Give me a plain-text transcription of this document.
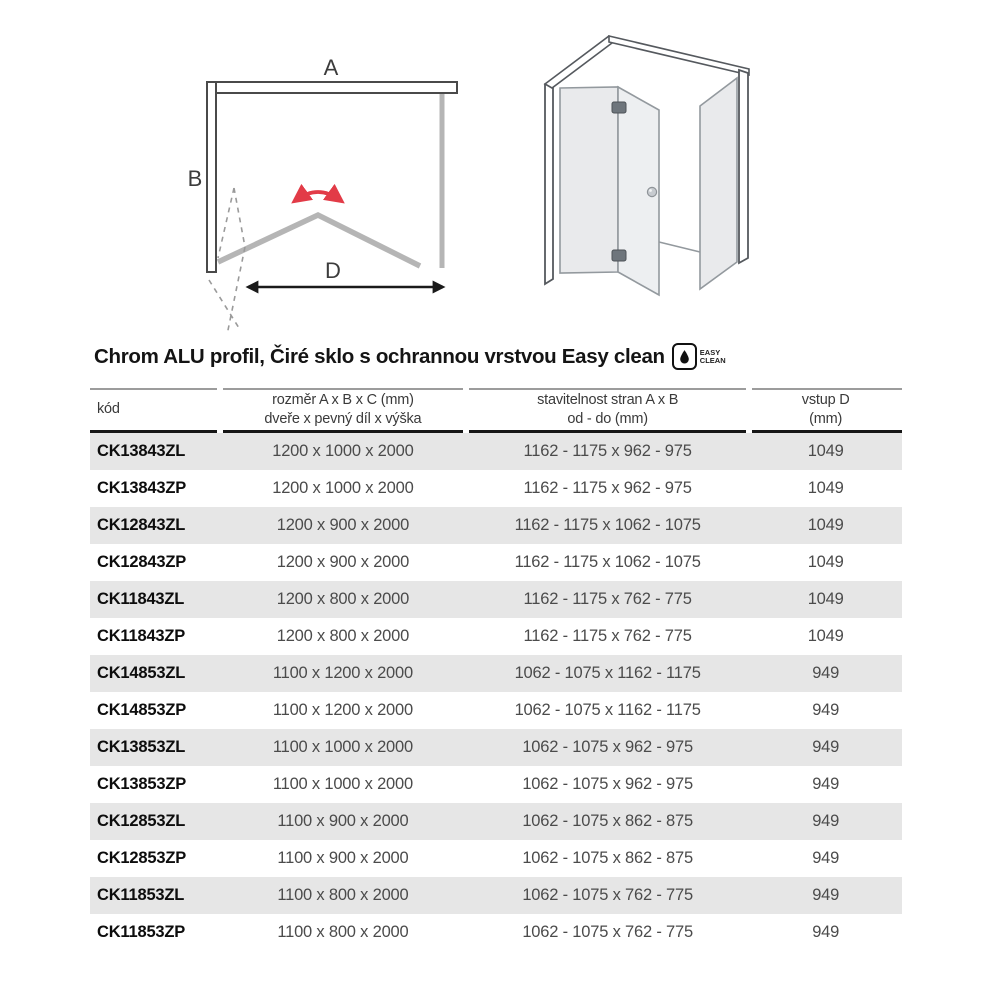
A
B
D
Chrom ALU profil, Čiré sklo s ochrannou vrstvou Easy clean	EASY
CLEAN
kód	
rozměr A x B x C (mm)
dveře x pevný díl x výška

stavitelnost stran A x B
od - do (mm)

vstup D
(mm)

CK13843ZL	1200 x 1000 x 2000	1162 - 1175 x 962 - 975	1049
CK13843ZP	1200 x 1000 x 2000	1162 - 1175 x 962 - 975	1049
CK12843ZL	1200 x 900 x 2000	1162 - 1175 x 1062 - 1075	1049
CK12843ZP	1200 x 900 x 2000	1162 - 1175 x 1062 - 1075	1049
CK11843ZL	1200 x 800 x 2000	1162 - 1175 x 762 - 775	1049
CK11843ZP	1200 x 800 x 2000	1162 - 1175 x 762 - 775	1049
CK14853ZL	1100 x 1200 x 2000	1062 - 1075 x 1162 - 1175	949
CK14853ZP	1100 x 1200 x 2000	1062 - 1075 x 1162 - 1175	949
CK13853ZL	1100 x 1000 x 2000	1062 - 1075 x 962 - 975	949
CK13853ZP	1100 x 1000 x 2000	1062 - 1075 x 962 - 975	949
CK12853ZL	1100 x 900 x 2000	1062 - 1075 x 862 - 875	949
CK12853ZP	1100 x 900 x 2000	1062 - 1075 x 862 - 875	949
CK11853ZL	1100 x 800 x 2000	1062 - 1075 x 762 - 775	949
CK11853ZP	1100 x 800 x 2000	1062 - 1075 x 762 - 775	949
